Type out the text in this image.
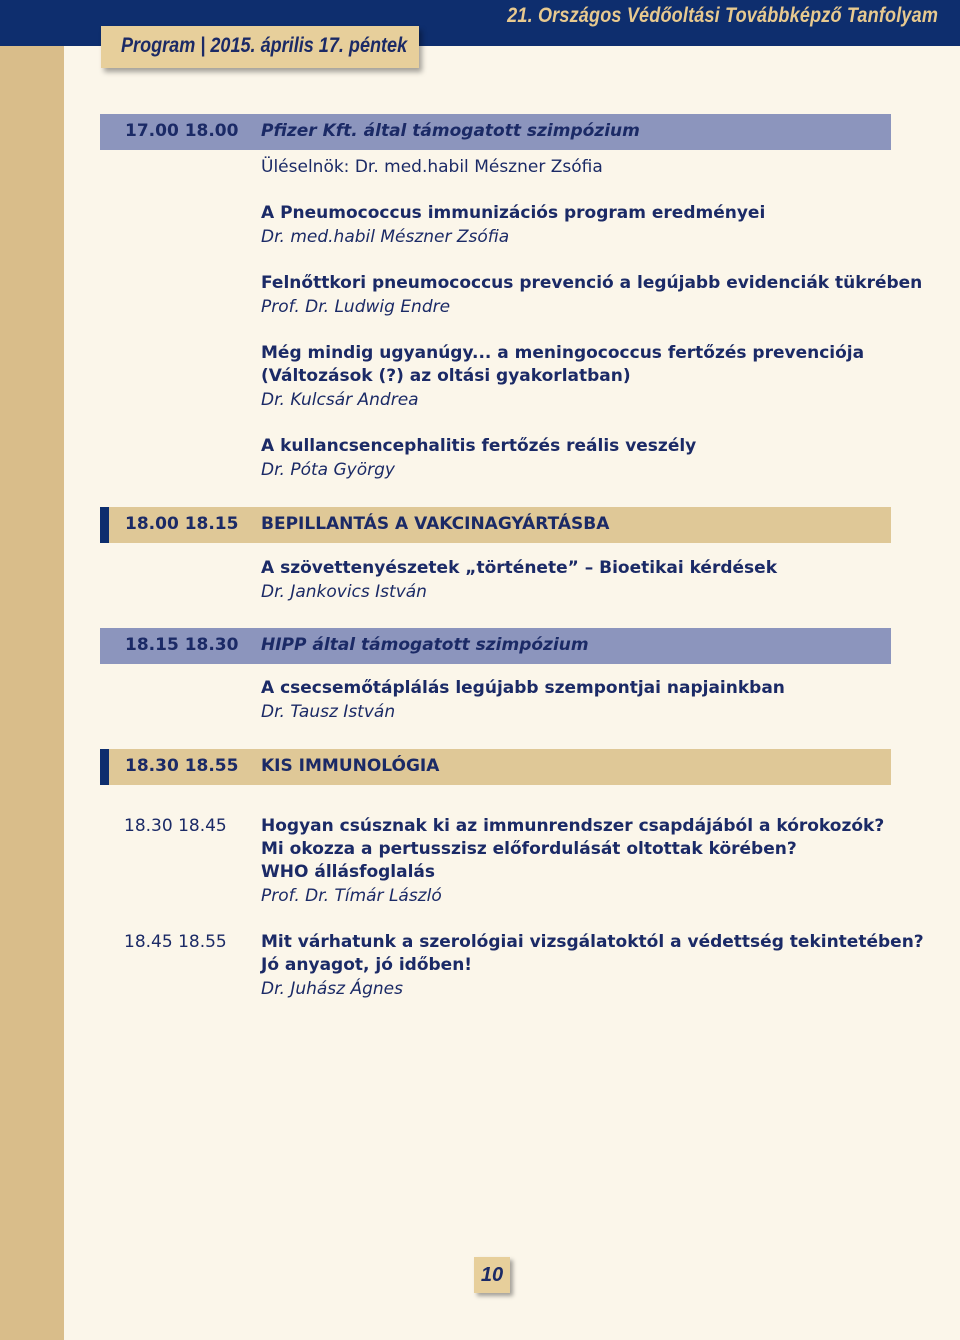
21. Országos Védőoltási Továbbképző Tanfolyam
Program | 2015. április 17. péntek
17.00 18.00 Pfizer Kft. által támogatott szimpózium
Üléselnök: Dr. med.habil Mészner Zsófia
A Pneumococcus immunizációs program eredményei
Dr. med.habil Mészner Zsófia
Felnőttkori pneumococcus prevenció a legújabb evidenciák tükrében
Prof. Dr. Ludwig Endre
Még mindig ugyanúgy... a meningococcus fertőzés prevenciója
(Változások (?) az oltási gyakorlatban)
Dr. Kulcsár Andrea
A kullancsencephalitis fertőzés reális veszély
Dr. Póta György
18.00 18.15 BEPILLANTÁS A VAKCINAGYÁRTÁSBA
A szövettenyészetek „története” – Bioetikai kérdések
Dr. Jankovics István
18.15 18.30 HIPP által támogatott szimpózium
A csecsemőtáplálás legújabb szempontjai napjainkban
Dr. Tausz István
18.30 18.55 KIS IMMUNOLÓGIA
18.30 18.45 Hogyan csúsznak ki az immunrendszer csapdájából a kórokozók?
Mi okozza a pertusszisz előfordulását oltottak körében?
WHO állásfoglalás
Prof. Dr. Tímár László
18.45 18.55 Mit várhatunk a szerológiai vizsgálatoktól a védettség tekintetében?
Jó anyagot, jó időben!
Dr. Juhász Ágnes
10
